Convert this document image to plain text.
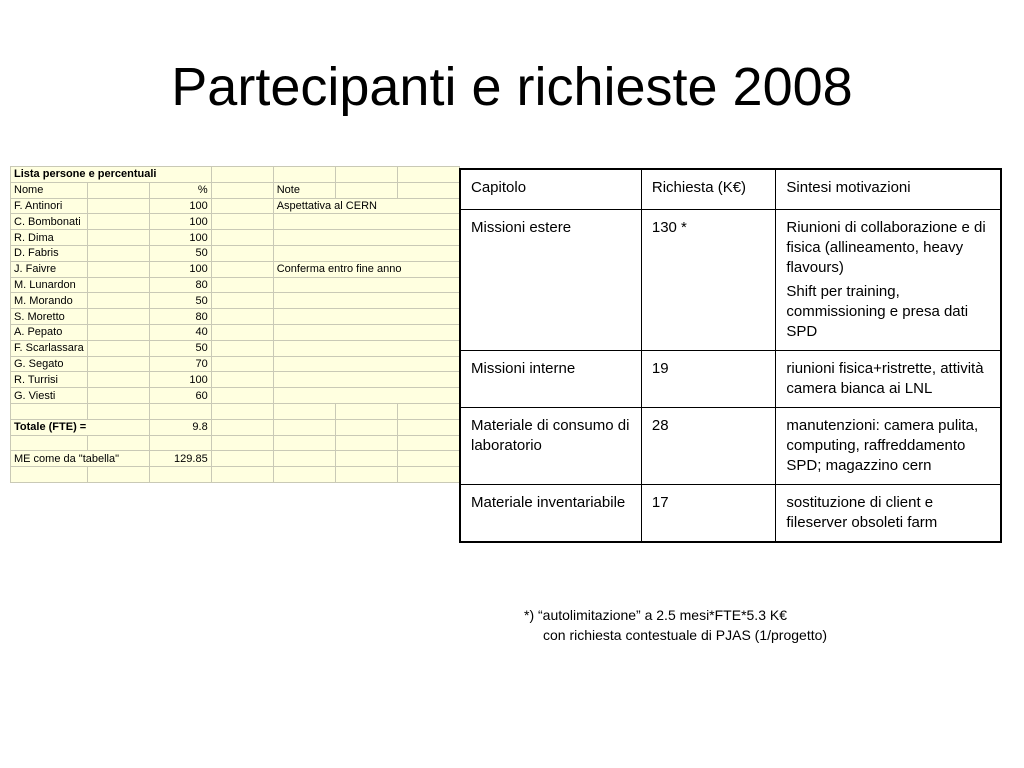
Partecipanti e richieste 2008
Lista persone e percentuali						
Nome		%		Note		
F. Antinori		100		Aspettativa al CERN		
C. Bombonati		100				
R. Dima		100				
D. Fabris		50				
J. Faivre		100		Conferma entro fine anno		
M. Lunardon		80				
M. Morando		50				
S. Moretto		80				
A. Pepato		40				
F. Scarlassara		50				
G. Segato		70				
R. Turrisi		100				
G. Viesti		60				

Totale (FTE) =		9.8				

ME come da "tabella"		129.85				

Capitolo	Richiesta (K€)	Sintesi motivazioni
Missioni estere	130 *	Riunioni di collaborazione e di fisica (allineamento, heavy flavours)

Shift per training, commissioning e presa dati SPD

Missioni interne	19	riunioni fisica+ristrette, attività camera bianca ai LNL

Materiale di consumo di laboratorio	28	manutenzioni: camera pulita, computing, raffreddamento SPD; magazzino cern

Materiale inventariabile	17	sostituzione di client e fileserver obsoleti farm

*) “autolimitazione” a 2.5 mesi*FTE*5.3 K€
con richiesta contestuale di PJAS (1/progetto)
